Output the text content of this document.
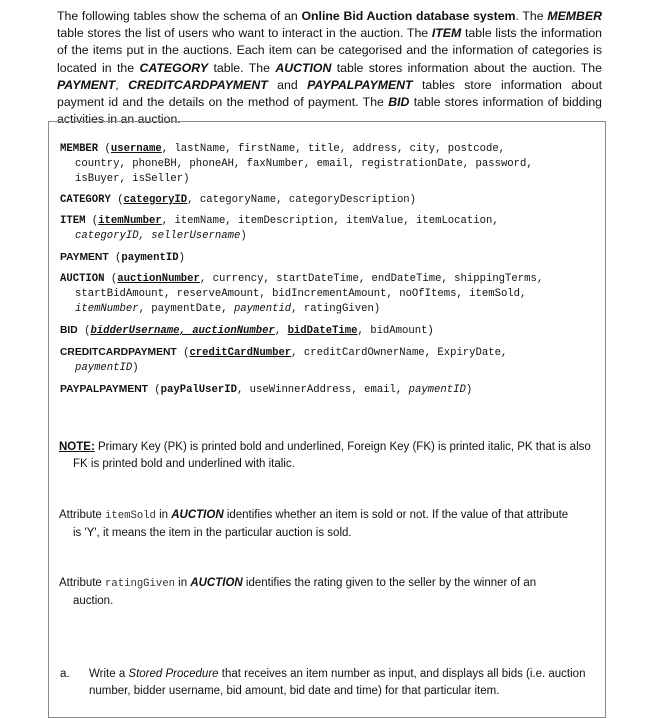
The following tables show the schema of an Online Bid Auction database system. The MEMBER table stores the list of users who want to interact in the auction. The ITEM table lists the information of the items put in the auctions. Each item can be categorised and the information of categories is located in the CATEGORY table. The AUCTION table stores information about the auction. The PAYMENT, CREDITCARDPAYMENT and PAYPALPAYMENT tables store information about payment id and the details on the method of payment. The BID table stores information of bidding activities in an auction.
MEMBER (username, lastName, firstName, title, address, city, postcode,
country, phoneBH, phoneAH, faxNumber, email, registrationDate, password,
isBuyer, isSeller)
CATEGORY (categoryID, categoryName, categoryDescription)
ITEM (itemNumber, itemName, itemDescription, itemValue, itemLocation,
categoryID, sellerUsername)
PAYMENT (paymentID)
AUCTION (auctionNumber, currency, startDateTime, endDateTime, shippingTerms,
startBidAmount, reserveAmount, bidIncrementAmount, noOfItems, itemSold,
itemNumber, paymentDate, paymentid, ratingGiven)
BID (bidderUsername, auctionNumber, bidDateTime, bidAmount)
CREDITCARDPAYMENT (creditCardNumber, creditCardOwnerName, ExpiryDate,
paymentID)
PAYPALPAYMENT (payPalUserID, useWinnerAddress, email, paymentID)
NOTE: Primary Key (PK) is printed bold and underlined, Foreign Key (FK) is printed italic, PK that is also
FK is printed bold and underlined with italic.
Attribute itemSold in AUCTION identifies whether an item is sold or not. If the value of that attribute
is 'Y', it means the item in the particular auction is sold.
Attribute ratingGiven in AUCTION identifies the rating given to the seller by the winner of an
auction.
a. Write a Stored Procedure that receives an item number as input, and displays all bids (i.e. auction
number, bidder username, bid amount, bid date and time) for that particular item.
